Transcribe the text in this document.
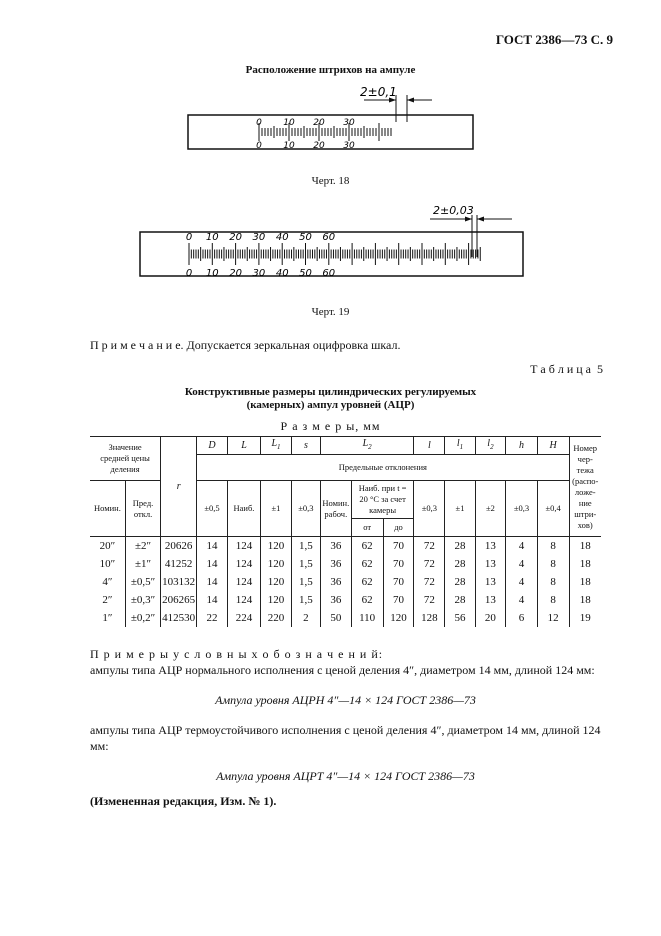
ГОСТ 2386—73 С. 9
Расположение штрихов на ампуле
0 10 20 30
0 10 20 30
2±0,1
Черт. 18
0 10 20 30 40 50 60
0 10 20 30 40 50 60
2±0,03
Черт. 19
П р и м е ч а н и е. Допускается зеркальная оцифровка шкал.
Т а б л и ц а  5
Конструктивные размеры цилиндрических регулируемых
(камерных) ампул уровней (АЦР)
Р а з м е р ы, мм
Значение средней цены деления		r	D	L	$L_1$	s	$L_2$			l	$l_1$	$l_2$	h	H	Номер чер-тежа (распо-ложе-ние штри-хов)
			Предельные отклонения												
Номин.	Пред. откл.		±0,5	Наиб.	±1	±0,3	Номин. рабоч.	Наиб. при t = 20 °С за счет камеры		±0,3	±1	±2	±0,3	±0,4	
								от	до						
20″	±2″	20626	14	124	120	1,5	36	62	70	72	28	13	4	8	18
10″	±1″	41252	14	124	120	1,5	36	62	70	72	28	13	4	8	18
4″	±0,5″	103132	14	124	120	1,5	36	62	70	72	28	13	4	8	18
2″	±0,3″	206265	14	124	120	1,5	36	62	70	72	28	13	4	8	18
1″	±0,2″	412530	22	224	220	2	50	110	120	128	56	20	6	12	19
П р и м е р ы у с л о в н ы х о б о з н а ч е н и й:
ампулы типа АЦР нормального исполнения с ценой деления 4″, диаметром 14 мм, длиной 124 мм:
Ампула уровня АЦРН 4″—14 × 124 ГОСТ 2386—73
ампулы типа АЦР термоустойчивого исполнения с ценой деления 4″, диаметром 14 мм, длиной 124 мм:
Ампула уровня АЦРТ 4″—14 × 124 ГОСТ 2386—73
(Измененная редакция, Изм. № 1).
